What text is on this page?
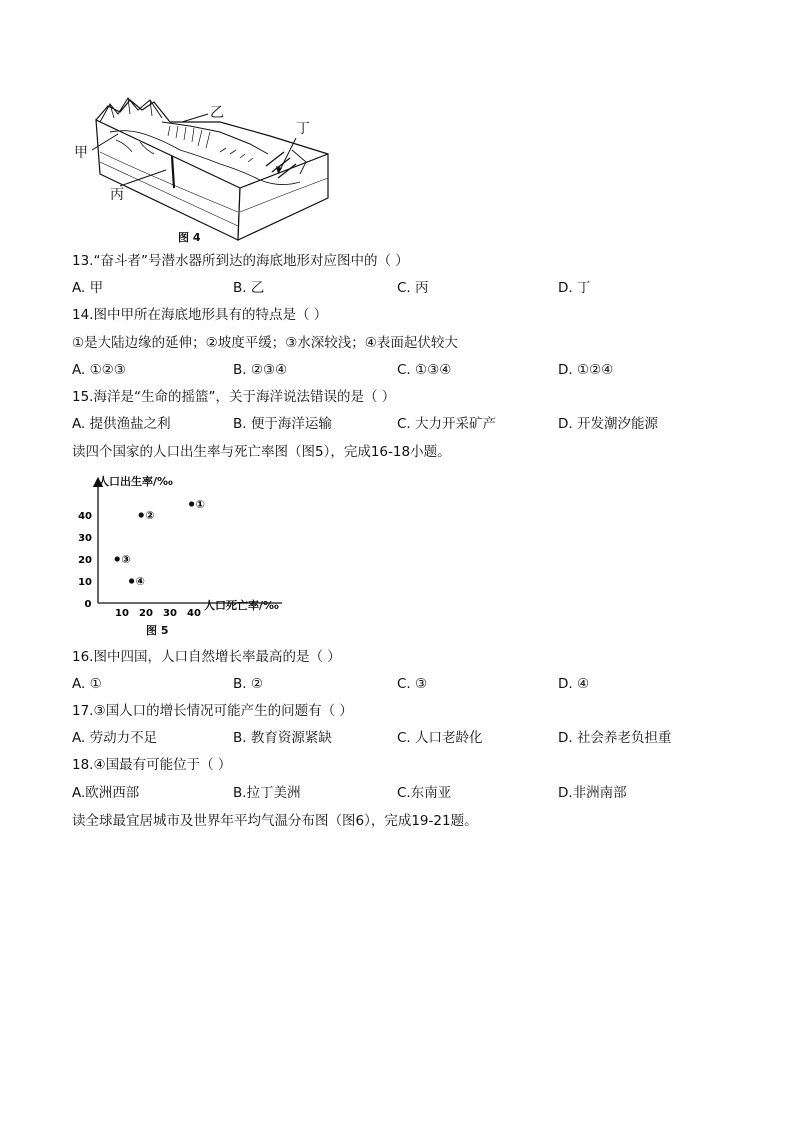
甲
乙
丙
丁
图 4
13.“奋斗者”号潜水器所到达的海底地形对应图中的（ ）
A. 甲	B. 乙	C. 丙	D. 丁
14.图中甲所在海底地形具有的特点是（ ）
①是大陆边缘的延伸；②坡度平缓；③水深较浅；④表面起伏较大
A. ①②③	B. ②③④	C. ①③④	D. ①②④
15.海洋是“生命的摇篮”，关于海洋说法错误的是（ ）
A. 提供渔盐之利	B. 便于海洋运输	C. 大力开采矿产	D. 开发潮汐能源
读四个国家的人口出生率与死亡率图（图5），完成16-18小题。
0
10 20 30 40
10
20
30
40
①
②
③
④
人口出生率/‰
人口死亡率/‰
图 5
16.图中四国，人口自然增长率最高的是（ ）
A. ①	B. ②	C. ③	D. ④
17.③国人口的增长情况可能产生的问题有（ ）
A. 劳动力不足	B. 教育资源紧缺	C. 人口老龄化	D. 社会养老负担重
18.④国最有可能位于（ ）
A.欧洲西部	B.拉丁美洲	C.东南亚	D.非洲南部
读全球最宜居城市及世界年平均气温分布图（图6），完成19-21题。
